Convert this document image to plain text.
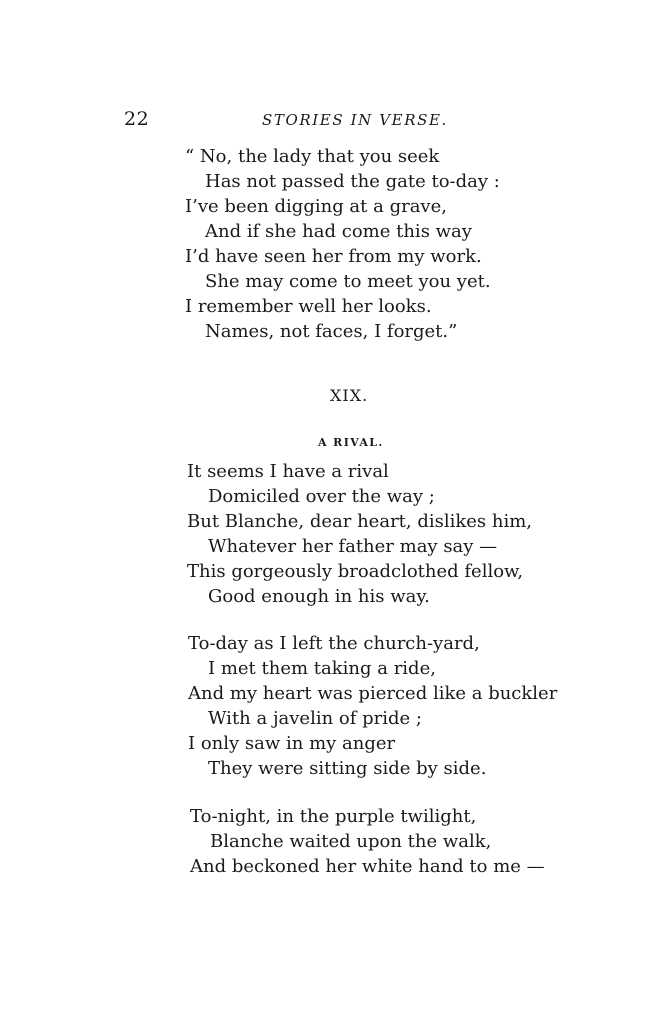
22	STORIES IN VERSE.
“ No, the lady that you seek
Has not passed the gate to-day :
I’ve been digging at a grave,
And if she had come this way
I’d have seen her from my work.
She may come to meet you yet.
I remember well her looks.
Names, not faces, I forget.”
XIX.
A RIVAL.
It seems I have a rival
Domiciled over the way ;
But Blanche, dear heart, dislikes him,
Whatever her father may say —
This gorgeously broadclothed fellow,
Good enough in his way.
To-day as I left the church-yard,
I met them taking a ride,
And my heart was pierced like a buckler
With a javelin of pride ;
I only saw in my anger
They were sitting side by side.
To-night, in the purple twilight,
Blanche waited upon the walk,
And beckoned her white hand to me —
